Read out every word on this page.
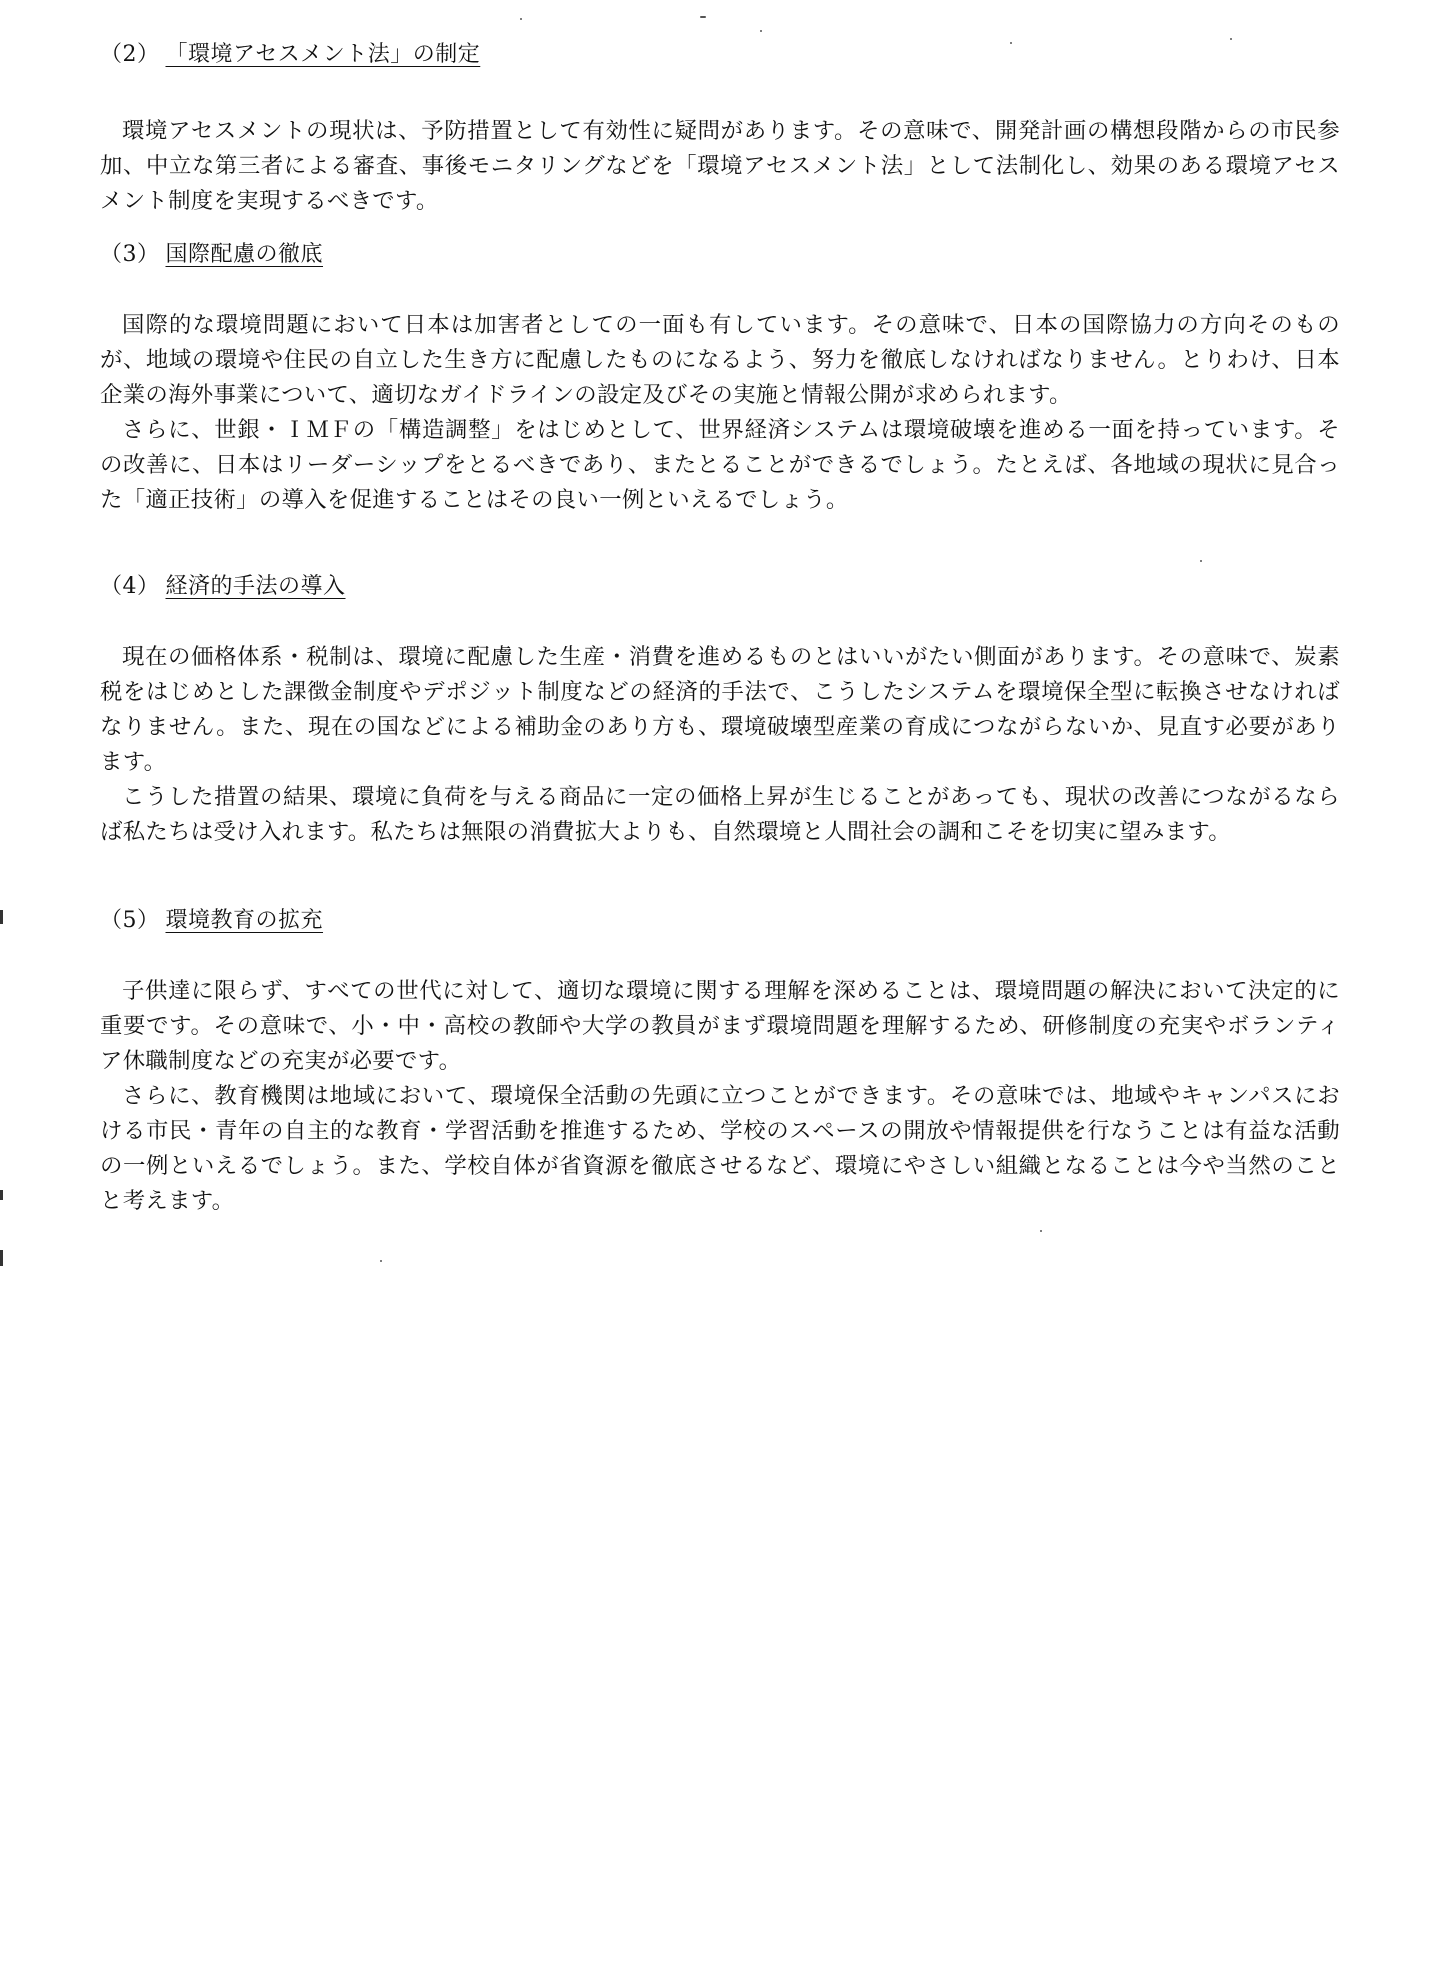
（2） 「環境アセスメント法」の制定

環境アセスメントの現状は、予防措置として有効性に疑問があります。その意味で、開発計画の構想段階からの市民参加、中立な第三者による審査、事後モニタリングなどを「環境アセスメント法」として法制化し、効果のある環境アセスメント制度を実現するべきです。

（3） 国際配慮の徹底

国際的な環境問題において日本は加害者としての一面も有しています。その意味で、日本の国際協力の方向そのものが、地域の環境や住民の自立した生き方に配慮したものになるよう、努力を徹底しなければなりません。とりわけ、日本企業の海外事業について、適切なガイドラインの設定及びその実施と情報公開が求められます。

さらに、世銀・ＩＭＦの「構造調整」をはじめとして、世界経済システムは環境破壊を進める一面を持っています。その改善に、日本はリーダーシップをとるべきであり、またとることができるでしょう。たとえば、各地域の現状に見合った「適正技術」の導入を促進することはその良い一例といえるでしょう。

（4） 経済的手法の導入

現在の価格体系・税制は、環境に配慮した生産・消費を進めるものとはいいがたい側面があります。その意味で、炭素税をはじめとした課徴金制度やデポジット制度などの経済的手法で、こうしたシステムを環境保全型に転換させなければなりません。また、現在の国などによる補助金のあり方も、環境破壊型産業の育成につながらないか、見直す必要があります。

こうした措置の結果、環境に負荷を与える商品に一定の価格上昇が生じることがあっても、現状の改善につながるならば私たちは受け入れます。私たちは無限の消費拡大よりも、自然環境と人間社会の調和こそを切実に望みます。

（5） 環境教育の拡充

子供達に限らず、すべての世代に対して、適切な環境に関する理解を深めることは、環境問題の解決において決定的に重要です。その意味で、小・中・高校の教師や大学の教員がまず環境問題を理解するため、研修制度の充実やボランティア休職制度などの充実が必要です。

さらに、教育機関は地域において、環境保全活動の先頭に立つことができます。その意味では、地域やキャンパスにおける市民・青年の自主的な教育・学習活動を推進するため、学校のスペースの開放や情報提供を行なうことは有益な活動の一例といえるでしょう。また、学校自体が省資源を徹底させるなど、環境にやさしい組織となることは今や当然のことと考えます。
